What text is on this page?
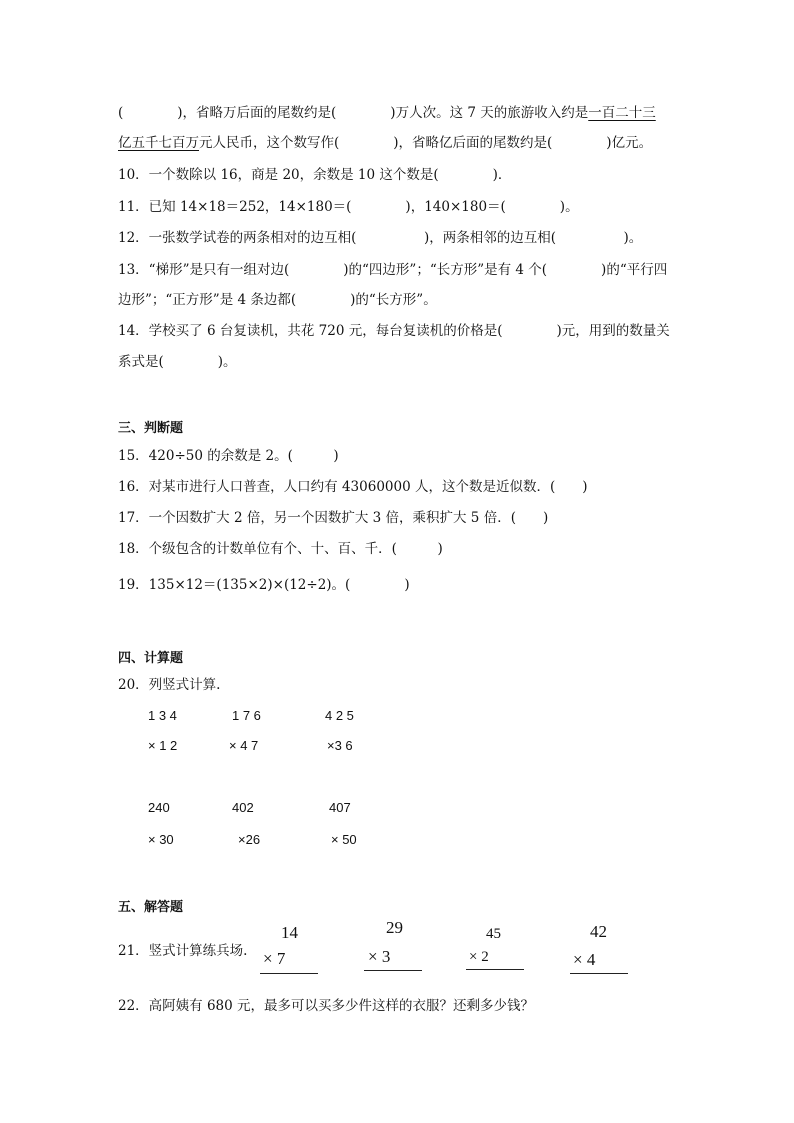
(　　　　)，省略万后面的尾数约是(　　　　)万人次。这 7 天的旅游收入约是一百二十三
亿五千七百万元人民币，这个数写作(　　　　)，省略亿后面的尾数约是(　　　　)亿元。
10．一个数除以 16，商是 20，余数是 10 这个数是(　　　　)．
11．已知 14×18＝252，14×180＝(　　　　)，140×180＝(　　　　)。
12．一张数学试卷的两条相对的边互相(　　　　　)，两条相邻的边互相(　　　　　)。
13．“梯形”是只有一组对边(　　　　)的“四边形”；“长方形”是有 4 个(　　　　)的“平行四
边形”；“正方形”是 4 条边都(　　　　)的“长方形”。
14．学校买了 6 台复读机，共花 720 元，每台复读机的价格是(　　　　)元，用到的数量关
系式是(　　　　)。
三、判断题
15．420÷50 的余数是 2。(　　　)
16．对某市进行人口普查，人口约有 43060000 人，这个数是近似数．(　　)
17．一个因数扩大 2 倍，另一个因数扩大 3 倍，乘积扩大 5 倍．(　　)
18．个级包含的计数单位有个、十、百、千．(　　　)
19．135×12＝(135×2)×(12÷2)。(　　　　)
四、计算题
20．列竖式计算.
1 3 4
× 1 2
1 7 6
× 4 7
4 2 5
×3 6
240
× 30
402
×26
407
× 50
五、解答题
21．竖式计算练兵场.
14
× 7
29
× 3
45
× 2
42
× 4
22．高阿姨有 680 元，最多可以买多少件这样的衣服？还剩多少钱？
